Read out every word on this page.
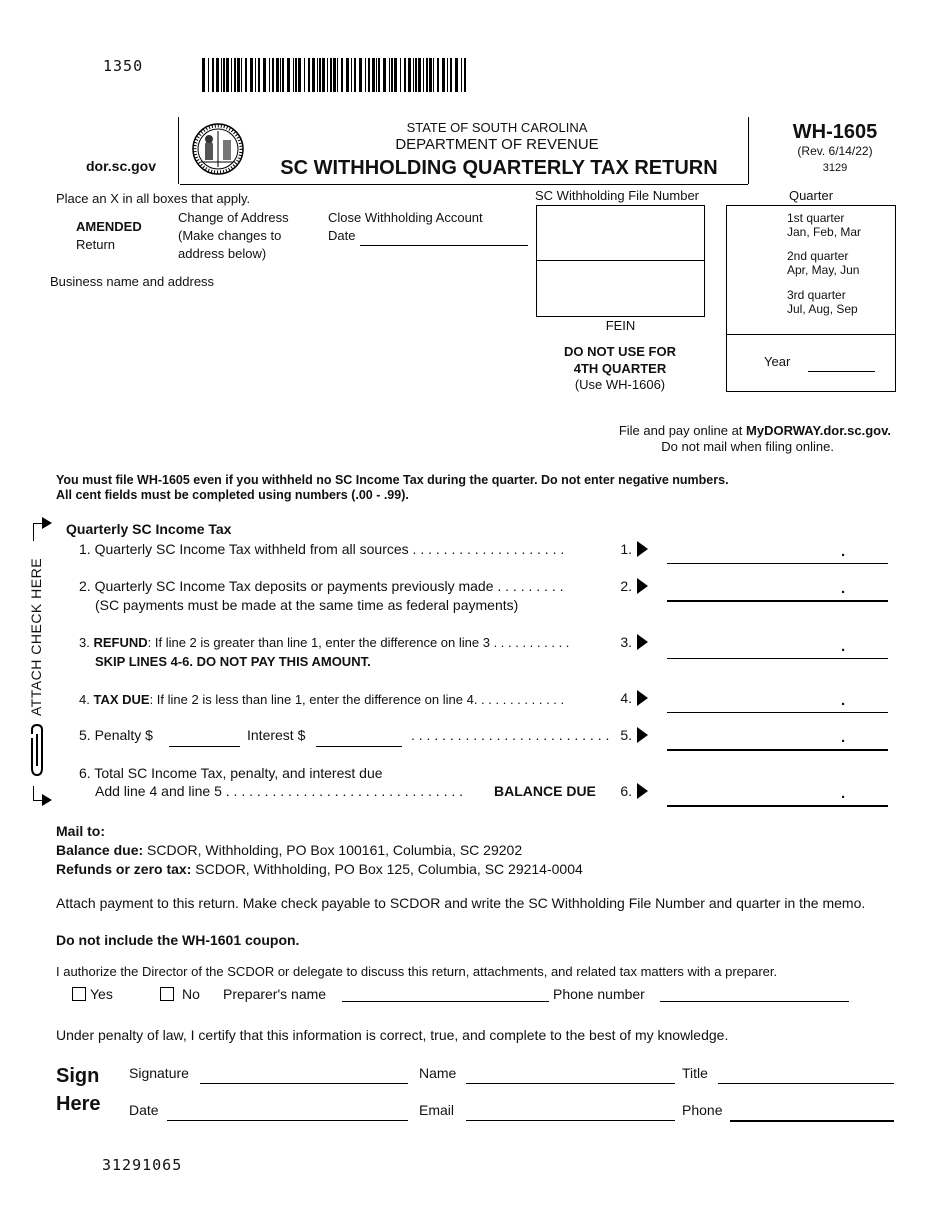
1350
dor.sc.gov
STATE OF SOUTH CAROLINA
DEPARTMENT OF REVENUE
SC WITHHOLDING QUARTERLY TAX RETURN
WH-1605
(Rev. 6/14/22)
3129
Place an X in all boxes that apply.
AMENDED
Return
Change of Address
(Make changes to
address below)
Close Withholding Account
Date
Business name and address
SC Withholding File Number
FEIN
DO NOT USE FOR
4TH QUARTER
(Use WH-1606)
Quarter
1st quarter
Jan, Feb, Mar
2nd quarter
Apr, May, Jun
3rd quarter
Jul, Aug, Sep
Year
File and pay online at MyDORWAY.dor.sc.gov.
Do not mail when filing online.
You must file WH-1605 even if you withheld no SC Income Tax during the quarter. Do not enter negative numbers.
All cent fields must be completed using numbers (.00 - .99).
ATTACH CHECK HERE
Quarterly SC Income Tax
1. Quarterly SC Income Tax withheld from all sources . . . . . . . . . . . . . . . . . . . .	1.	.
2. Quarterly SC Income Tax deposits or payments previously made . . . . . . . . .
(SC payments must be made at the same time as federal payments)
2.	.
3. REFUND: If line 2 is greater than line 1, enter the difference on line 3 . . . . . . . . . . .
SKIP LINES 4-6. DO NOT PAY THIS AMOUNT.
3.	.
4. TAX DUE: If line 2 is less than line 1, enter the difference on line 4. . . . . . . . . . . . .	4.	.
5. Penalty $	Interest $	. . . . . . . . . . . . . . . . . . . . . . . . . . 5.	.
6. Total SC Income Tax, penalty, and interest due
Add line 4 and line 5 . . . . . . . . . . . . . . . . . . . . . . . . . . . . . . . BALANCE DUE	6.	.
Mail to:
Balance due: SCDOR, Withholding, PO Box 100161, Columbia, SC 29202
Refunds or zero tax: SCDOR, Withholding, PO Box 125, Columbia, SC 29214-0004
Attach payment to this return. Make check payable to SCDOR and write the SC Withholding File Number and quarter in the memo.
Do not include the WH-1601 coupon.
I authorize the Director of the SCDOR or delegate to discuss this return, attachments, and related tax matters with a preparer.
Yes	No Preparer's name	Phone number
Under penalty of law, I certify that this information is correct, true, and complete to the best of my knowledge.
Sign
Here
Signature	Name	Title
Date	Email	Phone
31291065
